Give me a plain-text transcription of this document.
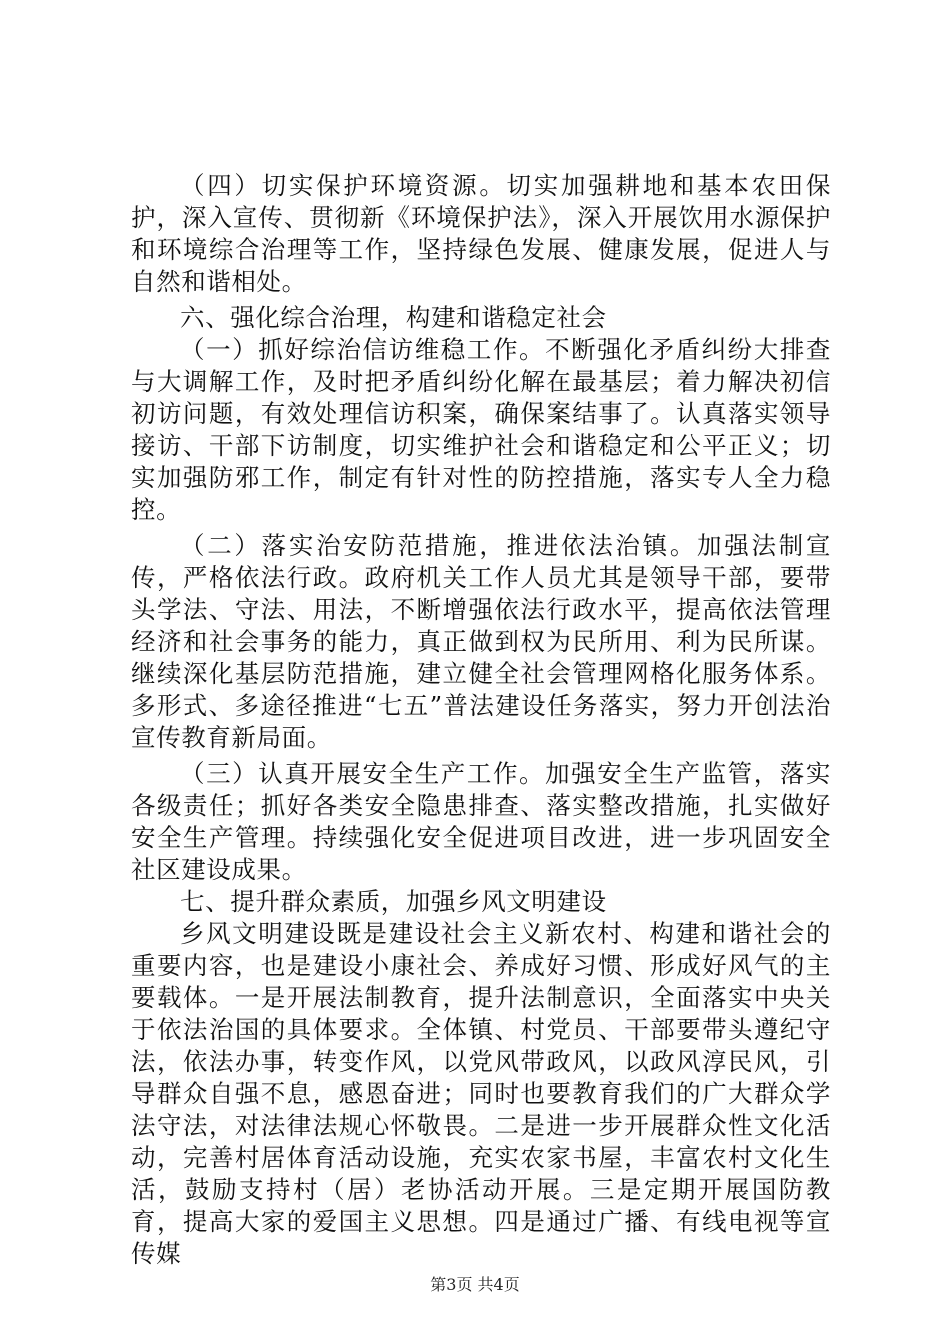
（四）切实保护环境资源。切实加强耕地和基本农田保护，深入宣传、贯彻新《环境保护法》，深入开展饮用水源保护和环境综合治理等工作，坚持绿色发展、健康发展，促进人与自然和谐相处。

六、强化综合治理，构建和谐稳定社会

（一）抓好综治信访维稳工作。不断强化矛盾纠纷大排查与大调解工作，及时把矛盾纠纷化解在最基层；着力解决初信初访问题，有效处理信访积案，确保案结事了。认真落实领导接访、干部下访制度，切实维护社会和谐稳定和公平正义；切实加强防邪工作，制定有针对性的防控措施，落实专人全力稳控。

（二）落实治安防范措施，推进依法治镇。加强法制宣传，严格依法行政。政府机关工作人员尤其是领导干部，要带头学法、守法、用法，不断增强依法行政水平，提高依法管理经济和社会事务的能力，真正做到权为民所用、利为民所谋。继续深化基层防范措施，建立健全社会管理网格化服务体系。多形式、多途径推进“七五”普法建设任务落实，努力开创法治宣传教育新局面。

（三）认真开展安全生产工作。加强安全生产监管，落实各级责任；抓好各类安全隐患排查、落实整改措施，扎实做好安全生产管理。持续强化安全促进项目改进，进一步巩固安全社区建设成果。

七、提升群众素质，加强乡风文明建设

乡风文明建设既是建设社会主义新农村、构建和谐社会的重要内容，也是建设小康社会、养成好习惯、形成好风气的主要载体。一是开展法制教育，提升法制意识，全面落实中央关于依法治国的具体要求。全体镇、村党员、干部要带头遵纪守法，依法办事，转变作风，以党风带政风，以政风淳民风，引导群众自强不息，感恩奋进；同时也要教育我们的广大群众学法守法，对法律法规心怀敬畏。二是进一步开展群众性文化活动，完善村居体育活动设施，充实农家书屋，丰富农村文化生活，鼓励支持村（居）老协活动开展。三是定期开展国防教育，提高大家的爱国主义思想。四是通过广播、有线电视等宣传媒

第3页 共4页
